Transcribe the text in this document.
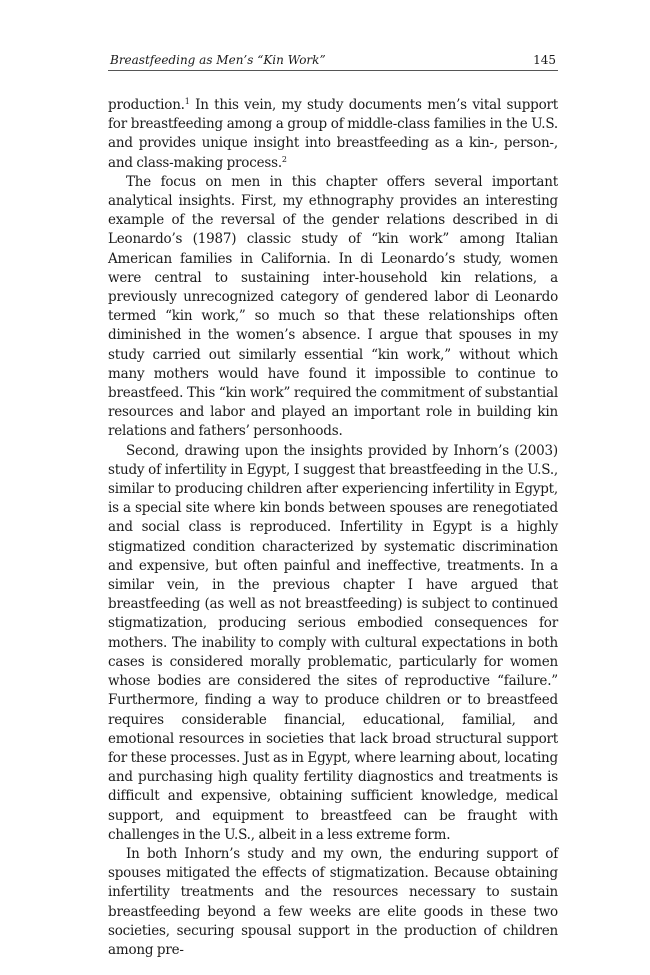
Breastfeeding as Men’s “Kin Work”	145

production.$^1$ In this vein, my study documents men’s vital support for breastfeeding among a group of middle-class families in the U.S. and provides unique insight into breastfeeding as a kin-, person-, and class-making process.$^2$

The focus on men in this chapter offers several important analytical insights. First, my ethnography provides an interesting example of the reversal of the gender relations described in di Leonardo’s (1987) classic study of “kin work” among Italian American families in California. In di Leonardo’s study, women were central to sustaining inter-household kin relations, a previously unrecognized category of gendered labor di Leonardo termed “kin work,” so much so that these relationships often diminished in the women’s absence. I argue that spouses in my study carried out similarly essential “kin work,” without which many mothers would have found it impossible to continue to breastfeed. This “kin work” required the commitment of substantial resources and labor and played an important role in building kin relations and fathers’ personhoods.

Second, drawing upon the insights provided by Inhorn’s (2003) study of infertility in Egypt, I suggest that breastfeeding in the U.S., similar to producing children after experiencing infertility in Egypt, is a special site where kin bonds between spouses are renegotiated and social class is reproduced. Infertility in Egypt is a highly stigmatized condition characterized by systematic discrimination and expensive, but often painful and ineffective, treatments. In a similar vein, in the previous chapter I have argued that breastfeeding (as well as not breastfeeding) is subject to continued stigmatization, producing serious embodied consequences for mothers. The inability to comply with cultural expectations in both cases is considered morally problematic, particularly for women whose bodies are considered the sites of reproductive “failure.” Furthermore, finding a way to produce children or to breastfeed requires considerable financial, educational, familial, and emotional resources in societies that lack broad structural support for these processes. Just as in Egypt, where learning about, locating and purchasing high quality fertility diagnostics and treatments is difficult and expensive, obtaining sufficient knowledge, medical support, and equipment to breastfeed can be fraught with challenges in the U.S., albeit in a less extreme form.

In both Inhorn’s study and my own, the enduring support of spouses mitigated the effects of stigmatization. Because obtaining infertility treatments and the resources necessary to sustain breastfeeding beyond a few weeks are elite goods in these two societies, securing spousal support in the production of children among pre-
